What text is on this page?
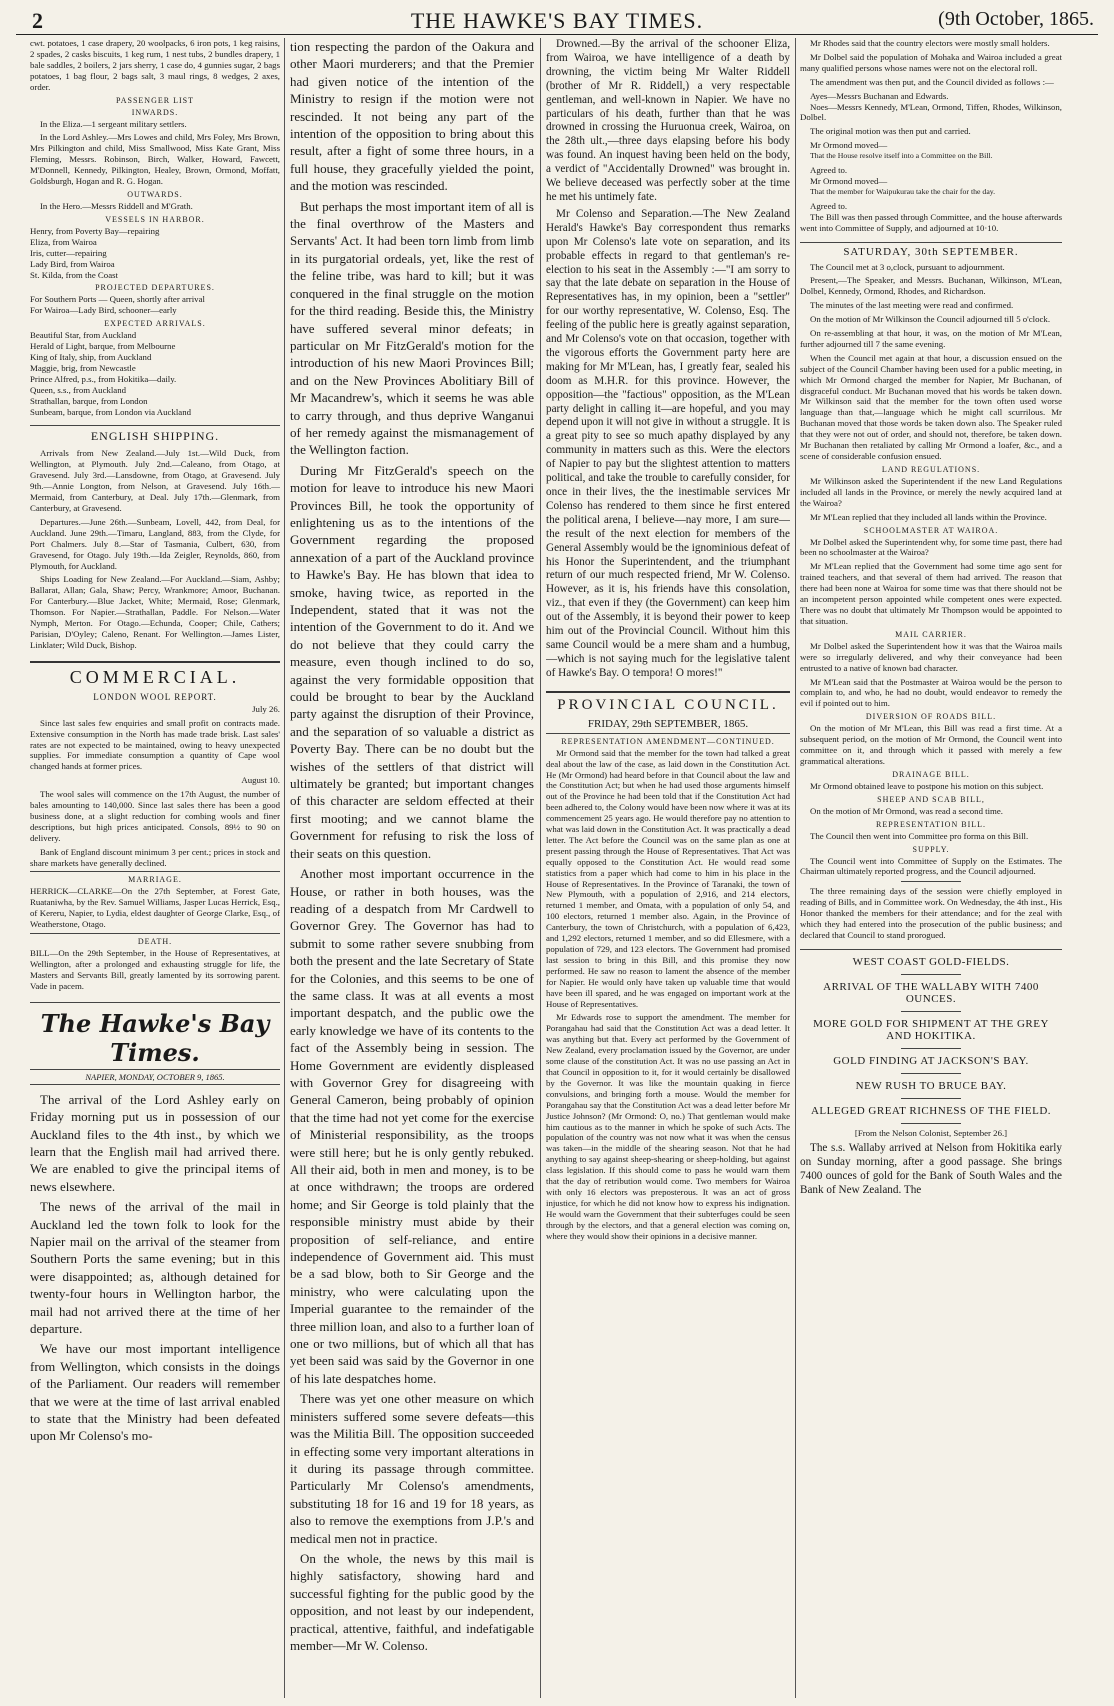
2	THE HAWKE'S BAY TIMES.	(9th October, 1865.

cwt. potatoes, 1 case drapery, 20 woolpacks, 6 iron pots, 1 keg raisins, 2 spades, 2 casks biscuits, 1 keg rum, 1 nest tubs, 2 bundles drapery, 1 bale saddles, 2 boilers, 2 jars sherry, 1 case do, 4 gunnies sugar, 2 bags potatoes, 1 bag flour, 2 bags salt, 3 maul rings, 8 wedges, 2 axes, order.

PASSENGER LIST
INWARDS.

In the Eliza.—1 sergeant military settlers.

In the Lord Ashley.—Mrs Lowes and child, Mrs Foley, Mrs Brown, Mrs Pilkington and child, Miss Smallwood, Miss Kate Grant, Miss Fleming, Messrs. Robinson, Birch, Walker, Howard, Fawcett, M'Donnell, Kennedy, Pilkington, Healey, Brown, Ormond, Moffatt, Goldsburgh, Hogan and R. G. Hogan.

OUTWARDS.

In the Hero.—Messrs Riddell and M'Grath.

VESSELS IN HARBOR.

Henry, from Poverty Bay—repairing

Eliza, from Wairoa

Iris, cutter—repairing

Lady Bird, from Wairoa

St. Kilda, from the Coast

PROJECTED DEPARTURES.

For Southern Ports — Queen, shortly after arrival

For Wairoa—Lady Bird, schooner—early

EXPECTED ARRIVALS.

Beautiful Star, from Auckland

Herald of Light, barque, from Melbourne

King of Italy, ship, from Auckland

Maggie, brig, from Newcastle

Prince Alfred, p.s., from Hokitika—daily.

Queen, s.s., from Auckland

Strathallan, barque, from London

Sunbeam, barque, from London via Auckland

ENGLISH SHIPPING.

Arrivals from New Zealand.—July 1st.—Wild Duck, from Wellington, at Plymouth. July 2nd.—Caleano, from Otago, at Gravesend. July 3rd.—Lansdowne, from Otago, at Gravesend. July 9th.—Annie Longton, from Nelson, at Gravesend. July 16th.—Mermaid, from Canterbury, at Deal. July 17th.—Glenmark, from Canterbury, at Gravesend.

Departures.—June 26th.—Sunbeam, Lovell, 442, from Deal, for Auckland. June 29th.—Timaru, Langland, 883, from the Clyde, for Port Chalmers. July 8.—Star of Tasmania, Culbert, 630, from Gravesend, for Otago. July 19th.—Ida Zeigler, Reynolds, 860, from Plymouth, for Auckland.

Ships Loading for New Zealand.—For Auckland.—Siam, Ashby; Ballarat, Allan; Gala, Shaw; Percy, Wrankmore; Amoor, Buchanan. For Canterbury.—Blue Jacket, White; Mermaid, Rose; Glenmark, Thomson. For Napier.—Strathallan, Paddle. For Nelson.—Water Nymph, Merton. For Otago.—Echunda, Cooper; Chile, Cathers; Parisian, D'Oyley; Caleno, Renant. For Wellington.—James Lister, Linklater; Wild Duck, Bishop.

COMMERCIAL.
LONDON WOOL REPORT.

July 26.

Since last sales few enquiries and small profit on contracts made. Extensive consumption in the North has made trade brisk. Last sales' rates are not expected to be maintained, owing to heavy unexpected supplies. For immediate consumption a quantity of Cape wool changed hands at former prices.

August 10.

The wool sales will commence on the 17th August, the number of bales amounting to 140,000. Since last sales there has been a good business done, at a slight reduction for combing wools and finer descriptions, but high prices anticipated. Consols, 89½ to 90 on delivery.

Bank of England discount minimum 3 per cent.; prices in stock and share markets have generally declined.

MARRIAGE.

HERRICK—CLARKE—On the 27th September, at Forest Gate, Ruataniwha, by the Rev. Samuel Williams, Jasper Lucas Herrick, Esq., of Kereru, Napier, to Lydia, eldest daughter of George Clarke, Esq., of Weatherstone, Otago.

DEATH.

BILL—On the 29th September, in the House of Representatives, at Wellington, after a prolonged and exhausting struggle for life, the Masters and Servants Bill, greatly lamented by its sorrowing parent. Vade in pacem.

The Hawke's Bay Times.
NAPIER, MONDAY, OCTOBER 9, 1865.

The arrival of the Lord Ashley early on Friday morning put us in possession of our Auckland files to the 4th inst., by which we learn that the English mail had arrived there. We are enabled to give the principal items of news elsewhere.

The news of the arrival of the mail in Auckland led the town folk to look for the Napier mail on the arrival of the steamer from Southern Ports the same evening; but in this were disappointed; as, although detained for twenty-four hours in Wellington harbor, the mail had not arrived there at the time of her departure.

We have our most important intelligence from Wellington, which consists in the doings of the Parliament. Our readers will remember that we were at the time of last arrival enabled to state that the Ministry had been defeated upon Mr Colenso's mo-

tion respecting the pardon of the Oakura and other Maori murderers; and that the Premier had given notice of the intention of the Ministry to resign if the motion were not rescinded. It not being any part of the intention of the opposition to bring about this result, after a fight of some three hours, in a full house, they gracefully yielded the point, and the motion was rescinded.

But perhaps the most important item of all is the final overthrow of the Masters and Servants' Act. It had been torn limb from limb in its purgatorial ordeals, yet, like the rest of the feline tribe, was hard to kill; but it was conquered in the final struggle on the motion for the third reading. Beside this, the Ministry have suffered several minor defeats; in particular on Mr FitzGerald's motion for the introduction of his new Maori Provinces Bill; and on the New Provinces Abolitiary Bill of Mr Macandrew's, which it seems he was able to carry through, and thus deprive Wanganui of her remedy against the mismanagement of the Wellington faction.

During Mr FitzGerald's speech on the motion for leave to introduce his new Maori Provinces Bill, he took the opportunity of enlightening us as to the intentions of the Government regarding the proposed annexation of a part of the Auckland province to Hawke's Bay. He has blown that idea to smoke, having twice, as reported in the Independent, stated that it was not the intention of the Government to do it. And we do not believe that they could carry the measure, even though inclined to do so, against the very formidable opposition that could be brought to bear by the Auckland party against the disruption of their Province, and the separation of so valuable a district as Poverty Bay. There can be no doubt but the wishes of the settlers of that district will ultimately be granted; but important changes of this character are seldom effected at their first mooting; and we cannot blame the Government for refusing to risk the loss of their seats on this question.

Another most important occurrence in the House, or rather in both houses, was the reading of a despatch from Mr Cardwell to Governor Grey. The Governor has had to submit to some rather severe snubbing from both the present and the late Secretary of State for the Colonies, and this seems to be one of the same class. It was at all events a most important despatch, and the public owe the early knowledge we have of its contents to the fact of the Assembly being in session. The Home Government are evidently displeased with Governor Grey for disagreeing with General Cameron, being probably of opinion that the time had not yet come for the exercise of Ministerial responsibility, as the troops were still here; but he is only gently rebuked. All their aid, both in men and money, is to be at once withdrawn; the troops are ordered home; and Sir George is told plainly that the responsible ministry must abide by their proposition of self-reliance, and entire independence of Government aid. This must be a sad blow, both to Sir George and the ministry, who were calculating upon the Imperial guarantee to the remainder of the three million loan, and also to a further loan of one or two millions, but of which all that has yet been said was said by the Governor in one of his late despatches home.

There was yet one other measure on which ministers suffered some severe defeats—this was the Militia Bill. The opposition succeeded in effecting some very important alterations in it during its passage through committee. Particularly Mr Colenso's amendments, substituting 18 for 16 and 19 for 18 years, as also to remove the exemptions from J.P.'s and medical men not in practice.

On the whole, the news by this mail is highly satisfactory, showing hard and successful fighting for the public good by the opposition, and not least by our independent, practical, attentive, faithful, and indefatigable member—Mr W. Colenso.

Drowned.—By the arrival of the schooner Eliza, from Wairoa, we have intelligence of a death by drowning, the victim being Mr Walter Riddell (brother of Mr R. Riddell,) a very respectable gentleman, and well-known in Napier. We have no particulars of his death, further than that he was drowned in crossing the Huruonua creek, Wairoa, on the 28th ult.,—three days elapsing before his body was found. An inquest having been held on the body, a verdict of "Accidentally Drowned" was brought in. We believe deceased was perfectly sober at the time he met his untimely fate.

Mr Colenso and Separation.—The New Zealand Herald's Hawke's Bay correspondent thus remarks upon Mr Colenso's late vote on separation, and its probable effects in regard to that gentleman's re-election to his seat in the Assembly :—"I am sorry to say that the late debate on separation in the House of Representatives has, in my opinion, been a "settler" for our worthy representative, W. Colenso, Esq. The feeling of the public here is greatly against separation, and Mr Colenso's vote on that occasion, together with the vigorous efforts the Government party here are making for Mr M'Lean, has, I greatly fear, sealed his doom as M.H.R. for this province. However, the opposition—the "factious" opposition, as the M'Lean party delight in calling it—are hopeful, and you may depend upon it will not give in without a struggle. It is a great pity to see so much apathy displayed by any community in matters such as this. Were the electors of Napier to pay but the slightest attention to matters political, and take the trouble to carefully consider, for once in their lives, the the inestimable services Mr Colenso has rendered to them since he first entered the political arena, I believe—nay more, I am sure—the result of the next election for members of the General Assembly would be the ignominious defeat of his Honor the Superintendent, and the triumphant return of our much respected friend, Mr W. Colenso. However, as it is, his friends have this consolation, viz., that even if they (the Government) can keep him out of the Assembly, it is beyond their power to keep him out of the Provincial Council. Without him this same Council would be a mere sham and a humbug,—which is not saying much for the legislative talent of Hawke's Bay. O tempora! O mores!"

PROVINCIAL COUNCIL.
FRIDAY, 29th SEPTEMBER, 1865.
REPRESENTATION AMENDMENT—CONTINUED.

Mr Ormond said that the member for the town had talked a great deal about the law of the case, as laid down in the Constitution Act. He (Mr Ormond) had heard before in that Council about the law and the Constitution Act; but when he had used those arguments himself out of the Province he had been told that if the Constitution Act had been adhered to, the Colony would have been now where it was at its commencement 25 years ago. He would therefore pay no attention to what was laid down in the Constitution Act. It was practically a dead letter. The Act before the Council was on the same plan as one at present passing through the House of Representatives. That Act was equally opposed to the Constitution Act. He would read some statistics from a paper which had come to him in his place in the House of Representatives. In the Province of Taranaki, the town of New Plymouth, with a population of 2,916, and 214 electors, returned 1 member, and Omata, with a population of only 54, and 100 electors, returned 1 member also. Again, in the Province of Canterbury, the town of Christchurch, with a population of 6,423, and 1,292 electors, returned 1 member, and so did Ellesmere, with a population of 729, and 123 electors. The Government had promised last session to bring in this Bill, and this promise they now performed. He saw no reason to lament the absence of the member for Napier. He would only have taken up valuable time that would have been ill spared, and he was engaged on important work at the House of Representatives.

Mr Edwards rose to support the amendment. The member for Porangahau had said that the Constitution Act was a dead letter. It was anything but that. Every act performed by the Government of New Zealand, every proclamation issued by the Governor, are under some clause of the constitution Act. It was no use passing an Act in that Council in opposition to it, for it would certainly be disallowed by the Governor. It was like the mountain quaking in fierce convulsions, and bringing forth a mouse. Would the member for Porangahau say that the Constitution Act was a dead letter before Mr Justice Johnson? (Mr Ormond: O, no.) That gentleman would make him cautious as to the manner in which he spoke of such Acts. The population of the country was not now what it was when the census was taken—in the middle of the shearing season. Not that he had anything to say against sheep-shearing or sheep-holding, but against class legislation. If this should come to pass he would warn them that the day of retribution would come. Two members for Wairoa with only 16 electors was preposterous. It was an act of gross injustice, for which he did not know how to express his indignation. He would warn the Government that their subterfuges could be seen through by the electors, and that a general election was coming on, where they would show their opinions in a decisive manner.

Mr Rhodes said that the country electors were mostly small holders.

Mr Dolbel said the population of Mohaka and Wairoa included a great many qualified persons whose names were not on the electoral roll.

The amendment was then put, and the Council divided as follows :—

Ayes—Messrs Buchanan and Edwards.

Noes—Messrs Kennedy, M'Lean, Ormond, Tiffen, Rhodes, Wilkinson, Dolbel.

The original motion was then put and carried.

Mr Ormond moved—

That the House resolve itself into a Committee on the Bill.

Agreed to.

Mr Ormond moved—

That the member for Waipukurau take the chair for the day.

Agreed to.

The Bill was then passed through Committee, and the house afterwards went into Committee of Supply, and adjourned at 10·10.

SATURDAY, 30th SEPTEMBER.

The Council met at 3 o,clock, pursuant to adjournment.

Present,—The Speaker, and Messrs. Buchanan, Wilkinson, M'Lean, Dolbel, Kennedy, Ormond, Rhodes, and Richardson.

The minutes of the last meeting were read and confirmed.

On the motion of Mr Wilkinson the Council adjourned till 5 o'clock.

On re-assembling at that hour, it was, on the motion of Mr M'Lean, further adjourned till 7 the same evening.

When the Council met again at that hour, a discussion ensued on the subject of the Council Chamber having been used for a public meeting, in which Mr Ormond charged the member for Napier, Mr Buchanan, of disgraceful conduct. Mr Buchanan moved that his words be taken down. Mr Wilkinson said that the member for the town often used worse language than that,—language which he might call scurrilous. Mr Buchanan moved that those words be taken down also. The Speaker ruled that they were not out of order, and should not, therefore, be taken down. Mr Buchanan then retaliated by calling Mr Ormond a loafer, &c., and a scene of considerable confusion ensued.

LAND REGULATIONS.

Mr Wilkinson asked the Superintendent if the new Land Regulations included all lands in the Province, or merely the newly acquired land at the Wairoa?

Mr M'Lean replied that they included all lands within the Province.

SCHOOLMASTER AT WAIROA.

Mr Dolbel asked the Superintendent why, for some time past, there had been no schoolmaster at the Wairoa?

Mr M'Lean replied that the Government had some time ago sent for trained teachers, and that several of them had arrived. The reason that there had been none at Wairoa for some time was that there should not be an incompetent person appointed while competent ones were expected. There was no doubt that ultimately Mr Thompson would be appointed to that situation.

MAIL CARRIER.

Mr Dolbel asked the Superintendent how it was that the Wairoa mails were so irregularly delivered, and why their conveyance had been entrusted to a native of known bad character.

Mr M'Lean said that the Postmaster at Wairoa would be the person to complain to, and who, he had no doubt, would endeavor to remedy the evil if pointed out to him.

DIVERSION OF ROADS BILL.

On the motion of Mr M'Lean, this Bill was read a first time. At a subsequent period, on the motion of Mr Ormond, the Council went into committee on it, and through which it passed with merely a few grammatical alterations.

DRAINAGE BILL.

Mr Ormond obtained leave to postpone his motion on this subject.

SHEEP AND SCAB BILL,

On the motion of Mr Ormond, was read a second time.

REPRESENTATION BILL.

The Council then went into Committee pro forma on this Bill.

SUPPLY.

The Council went into Committee of Supply on the Estimates. The Chairman ultimately reported progress, and the Council adjourned.

The three remaining days of the session were chiefly employed in reading of Bills, and in Committee work. On Wednesday, the 4th inst., His Honor thanked the members for their attendance; and for the zeal with which they had entered into the prosecution of the public business; and declared that Council to stand prorogued.

WEST COAST GOLD-FIELDS.
ARRIVAL OF THE WALLABY WITH 7400 OUNCES.
MORE GOLD FOR SHIPMENT AT THE GREY AND HOKITIKA.
GOLD FINDING AT JACKSON'S BAY.
NEW RUSH TO BRUCE BAY.
ALLEGED GREAT RICHNESS OF THE FIELD.

[From the Nelson Colonist, September 26.]

The s.s. Wallaby arrived at Nelson from Hokitika early on Sunday morning, after a good passage. She brings 7400 ounces of gold for the Bank of South Wales and the Bank of New Zealand. The
